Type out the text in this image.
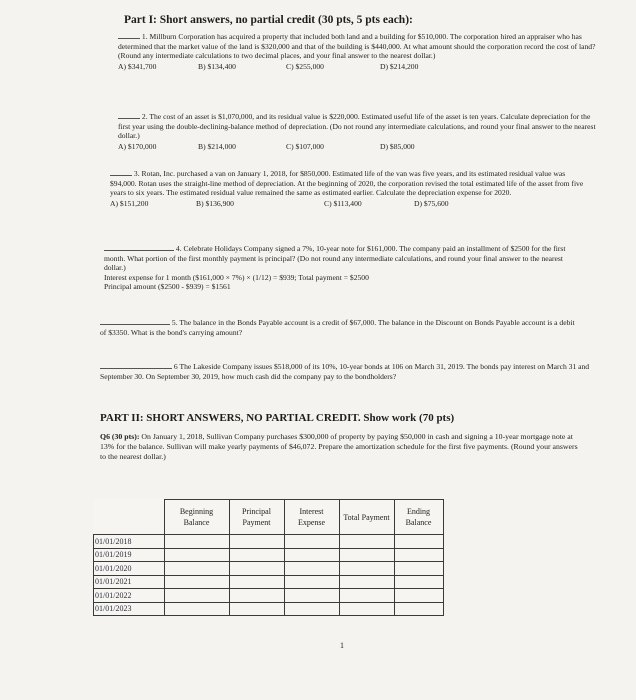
Part I: Short answers, no partial credit (30 pts, 5 pts each):
1. Millburn Corporation has acquired a property that included both land and a building for $510,000. The corporation hired an appraiser who has determined that the market value of the land is $320,000 and that of the building is $440,000. At what amount should the corporation record the cost of land? (Round any intermediate calculations to two decimal places, and your final answer to the nearest dollar.)
A) $341,700	B) $134,400	C) $255,000	D) $214,200
2. The cost of an asset is $1,070,000, and its residual value is $220,000. Estimated useful life of the asset is ten years. Calculate depreciation for the first year using the double-declining-balance method of depreciation. (Do not round any intermediate calculations, and round your final answer to the nearest dollar.)
A) $170,000	B) $214,000	C) $107,000	D) $85,000
3. Rotan, Inc. purchased a van on January 1, 2018, for $850,000. Estimated life of the van was five years, and its estimated residual value was $94,000. Rotan uses the straight-line method of depreciation. At the beginning of 2020, the corporation revised the total estimated life of the asset from five years to six years. The estimated residual value remained the same as estimated earlier. Calculate the depreciation expense for 2020.
A) $151,200	B) $136,900	C) $113,400	D) $75,600
4. Celebrate Holidays Company signed a 7%, 10-year note for $161,000. The company paid an installment of $2500 for the first month. What portion of the first monthly payment is principal? (Do not round any intermediate calculations, and round your final answer to the nearest dollar.)
Interest expense for 1 month ($161,000 × 7%) × (1/12) = $939; Total payment = $2500
Principal amount ($2500 - $939) = $1561
5. The balance in the Bonds Payable account is a credit of $67,000. The balance in the Discount on Bonds Payable account is a debit of $3350. What is the bond's carrying amount?
6 The Lakeside Company issues $518,000 of its 10%, 10-year bonds at 106 on March 31, 2019. The bonds pay interest on March 31 and September 30. On September 30, 2019, how much cash did the company pay to the bondholders?
PART II: SHORT ANSWERS, NO PARTIAL CREDIT. Show work (70 pts)
Q6 (30 pts): On January 1, 2018, Sullivan Company purchases $300,000 of property by paying $50,000 in cash and signing a 10-year mortgage note at 13% for the balance. Sullivan will make yearly payments of $46,072. Prepare the amortization schedule for the first five payments. (Round your answers to the nearest dollar.)
	Beginning Balance	Principal Payment	Interest Expense	Total Payment	Ending Balance
01/01/2018					
01/01/2019					
01/01/2020					
01/01/2021					
01/01/2022					
01/01/2023					
1
